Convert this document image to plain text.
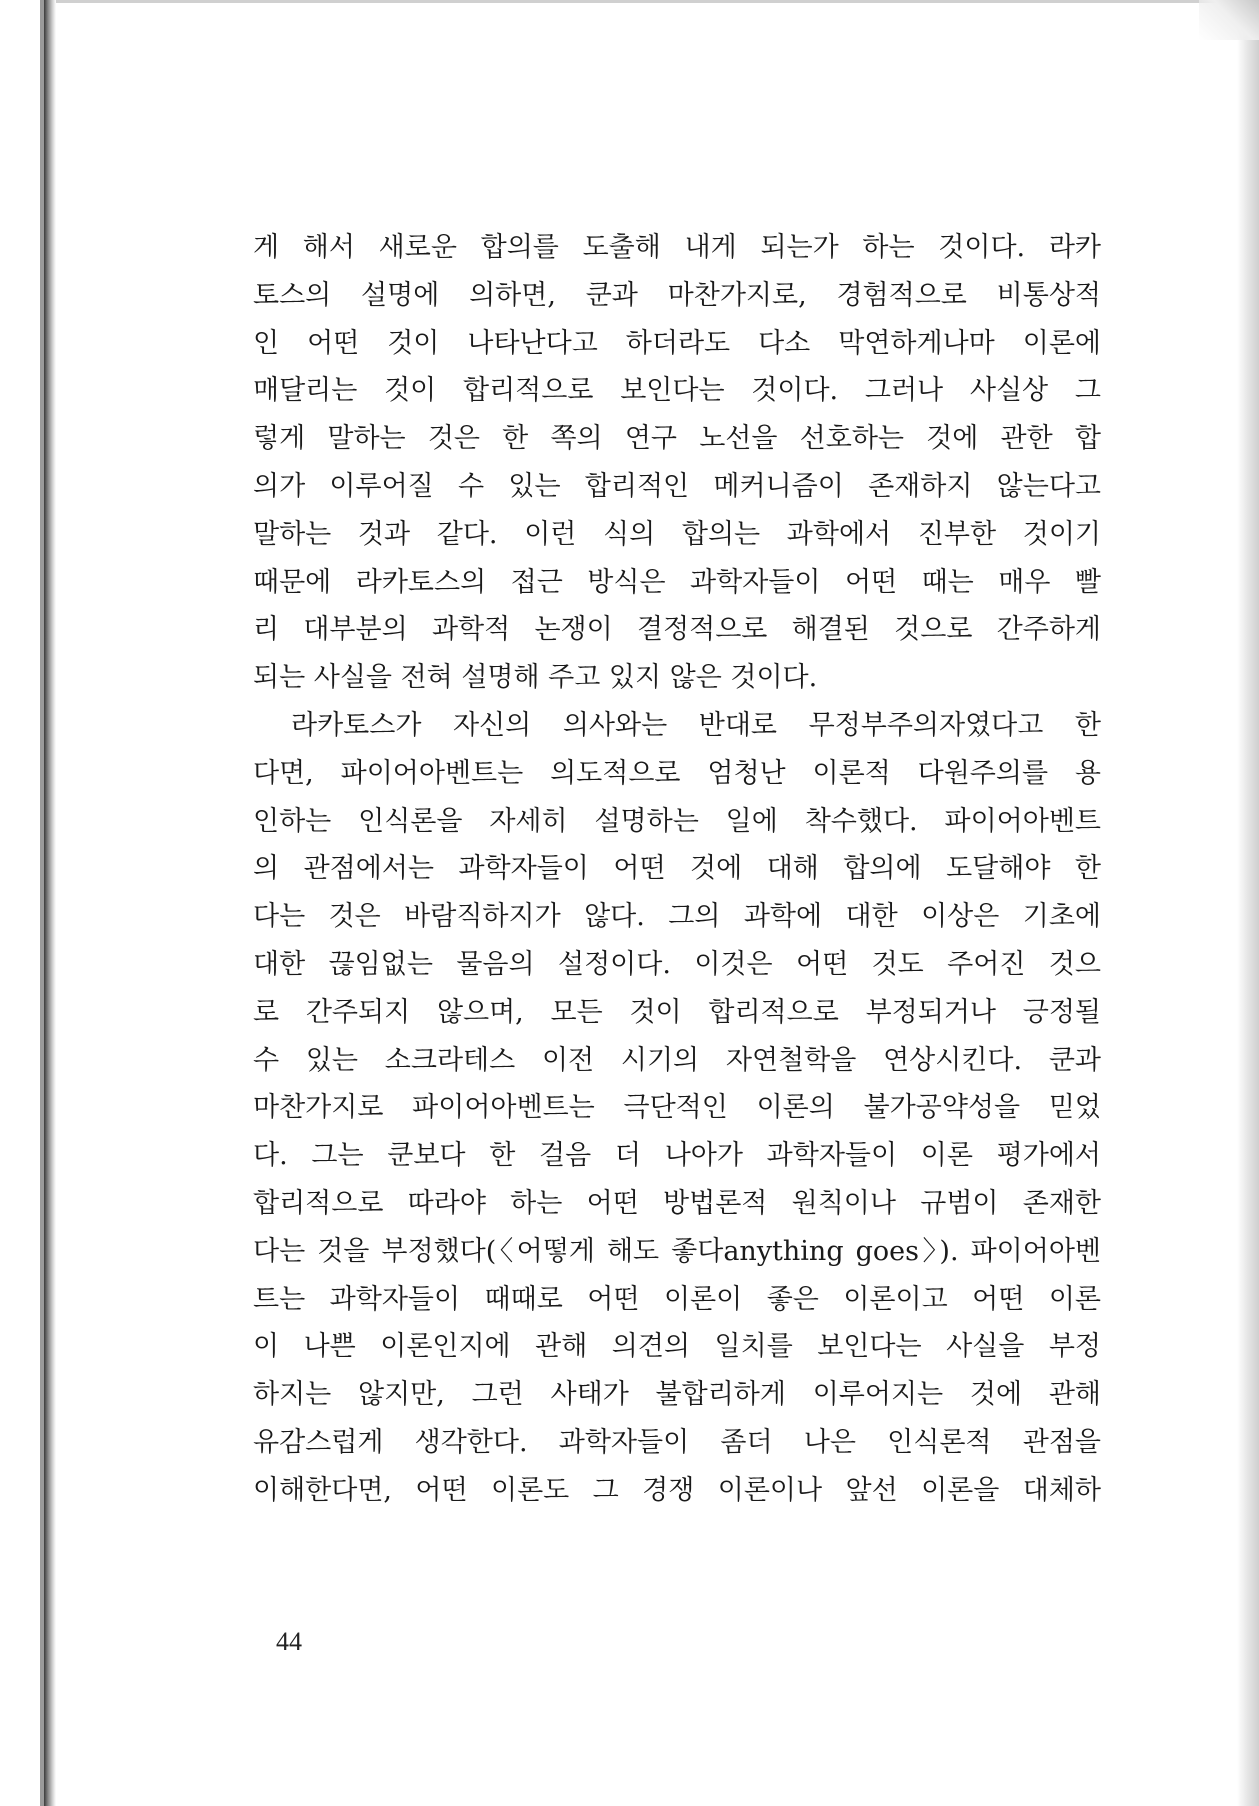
게 해서 새로운 합의를 도출해 내게 되는가 하는 것이다. 라카
토스의 설명에 의하면, 쿤과 마찬가지로, 경험적으로 비통상적
인 어떤 것이 나타난다고 하더라도 다소 막연하게나마 이론에
매달리는 것이 합리적으로 보인다는 것이다. 그러나 사실상 그
렇게 말하는 것은 한 쪽의 연구 노선을 선호하는 것에 관한 합
의가 이루어질 수 있는 합리적인 메커니즘이 존재하지 않는다고
말하는 것과 같다. 이런 식의 합의는 과학에서 진부한 것이기
때문에 라카토스의 접근 방식은 과학자들이 어떤 때는 매우 빨
리 대부분의 과학적 논쟁이 결정적으로 해결된 것으로 간주하게
되는 사실을 전혀 설명해 주고 있지 않은 것이다.
라카토스가 자신의 의사와는 반대로 무정부주의자였다고 한
다면, 파이어아벤트는 의도적으로 엄청난 이론적 다원주의를 용
인하는 인식론을 자세히 설명하는 일에 착수했다. 파이어아벤트
의 관점에서는 과학자들이 어떤 것에 대해 합의에 도달해야 한
다는 것은 바람직하지가 않다. 그의 과학에 대한 이상은 기초에
대한 끊임없는 물음의 설정이다. 이것은 어떤 것도 주어진 것으
로 간주되지 않으며, 모든 것이 합리적으로 부정되거나 긍정될
수 있는 소크라테스 이전 시기의 자연철학을 연상시킨다. 쿤과
마찬가지로 파이어아벤트는 극단적인 이론의 불가공약성을 믿었
다. 그는 쿤보다 한 걸음 더 나아가 과학자들이 이론 평가에서
합리적으로 따라야 하는 어떤 방법론적 원칙이나 규범이 존재한
다는 것을 부정했다(〈어떻게 해도 좋다anything goes〉). 파이어아벤
트는 과학자들이 때때로 어떤 이론이 좋은 이론이고 어떤 이론
이 나쁜 이론인지에 관해 의견의 일치를 보인다는 사실을 부정
하지는 않지만, 그런 사태가 불합리하게 이루어지는 것에 관해
유감스럽게 생각한다. 과학자들이 좀더 나은 인식론적 관점을
이해한다면, 어떤 이론도 그 경쟁 이론이나 앞선 이론을 대체하
44
